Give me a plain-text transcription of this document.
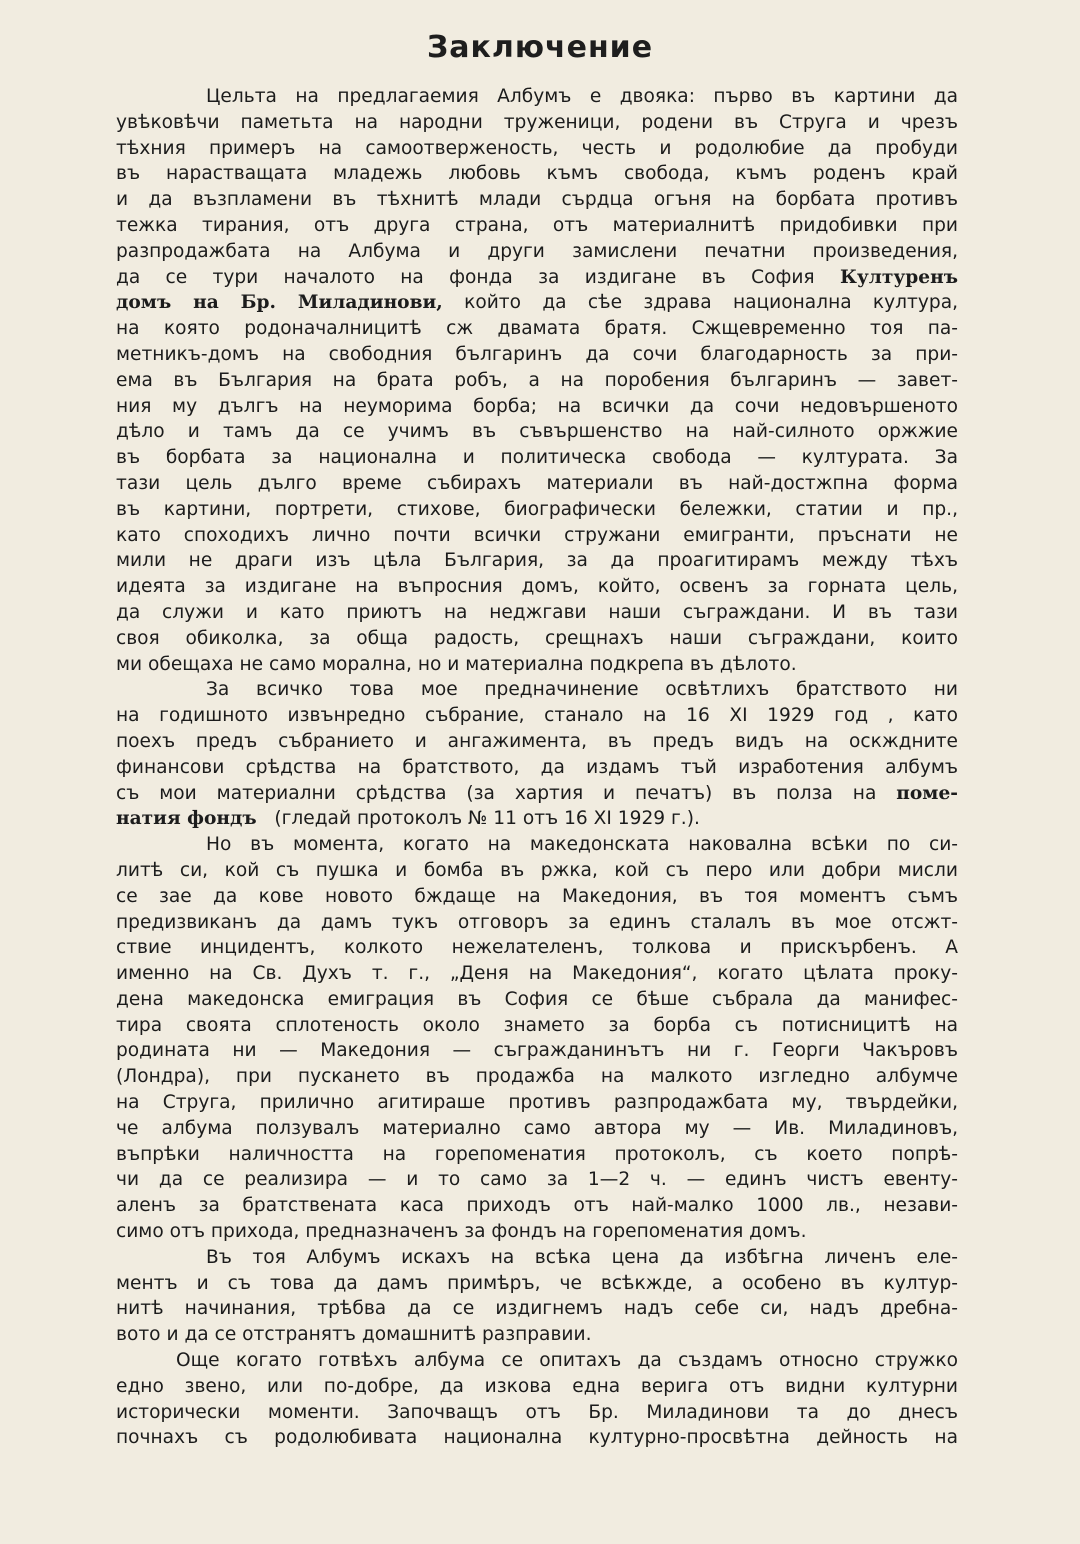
Заключение
Цельта на предлагаемия Албумъ е двояка: първо въ картини да
увѣковѣчи паметьта на народни труженици, родени въ Струга и чрезъ
тѣхния примеръ на самоотверженость, честь и родолюбие да пробуди
въ нарастващата младежь любовь къмъ свобода, къмъ роденъ край
и да възпламени въ тѣхнитѣ млади сърдца огъня на борбата противъ
тежка тирания, отъ друга страна, отъ материалнитѣ придобивки при
разпродажбата на Албума и други замислени печатни произведения,
да се тури началото на фонда за издигане въ София Културенъ
домъ на Бр. Миладинови, който да сѣе здрава национална култура,
на която родоначалницитѣ сж двамата братя. Сжщевременно тоя па-
метникъ-домъ на свободния българинъ да сочи благодарность за при-
ема въ България на брата робъ, а на поробения българинъ — завет-
ния му дългъ на неуморима борба; на всички да сочи недовършеното
дѣло и тамъ да се учимъ въ съвършенство на най-силното оржжие
въ борбата за национална и политическа свобода — културата. За
тази цель дълго време събирахъ материали въ най-достжпна форма
въ картини, портрети, стихове, биографически бележки, статии и пр.,
като споходихъ лично почти всички стружани емигранти, пръснати не
мили не драги изъ цѣла България, за да проагитирамъ между тѣхъ
идеята за издигане на въпросния домъ, който, освенъ за горната цель,
да служи и като приютъ на неджгави наши съграждани. И въ тази
своя обиколка, за обща радость, срещнахъ наши съграждани, които
ми обещаха не само морална, но и материална подкрепа въ дѣлото.
За всичко това мое предначинение освѣтлихъ братството ни
на годишното извънредно събрание, станало на 16 XI 1929 год , като
поехъ предъ събранието и ангажимента, въ предъ видъ на оскждните
финансови срѣдства на братството, да издамъ тъй изработения албумъ
съ мои материални срѣдства (за хартия и печатъ) въ полза на поме-
натия фондъ (гледай протоколъ № 11 отъ 16 XI 1929 г.).
Но въ момента, когато на македонската наковална всѣки по си-
литѣ си, кой съ пушка и бомба въ ржка, кой съ перо или добри мисли
се зае да кове новото бждаще на Македония, въ тоя моментъ съмъ
предизвиканъ да дамъ тукъ отговоръ за единъ сталалъ въ мое отсжт-
ствие инцидентъ, колкото нежелателенъ, толкова и прискърбенъ. А
именно на Св. Духъ т. г., „Деня на Македония“, когато цѣлата проку-
дена македонска емиграция въ София се бѣше събрала да манифес-
тира своята сплотеность около знамето за борба съ потисницитѣ на
родината ни — Македония — съгражданинътъ ни г. Георги Чакъровъ
(Лондра), при пускането въ продажба на малкото изгледно албумче
на Струга, прилично агитираше противъ разпродажбата му, твърдейки,
че албума ползувалъ материално само автора му — Ив. Миладиновъ,
въпрѣки наличността на горепоменатия протоколъ, съ което попрѣ-
чи да се реализира — и то само за 1—2 ч. — единъ чистъ евенту-
аленъ за братствената каса приходъ отъ най-малко 1000 лв., незави-
симо отъ прихода, предназначенъ за фондъ на горепоменатия домъ.
Въ тоя Албумъ искахъ на всѣка цена да избѣгна личенъ еле-
ментъ и съ това да дамъ примѣръ, че всѣкжде, а особено въ култур-
нитѣ начинания, трѣбва да се издигнемъ надъ себе си, надъ дребна-
вото и да се отстранятъ домашнитѣ разправии.
Още когато готвѣхъ албума се опитахъ да създамъ относно стружко
едно звено, или по-добре, да изкова една верига отъ видни културни
исторически моменти. Започващъ отъ Бр. Миладинови та до днесъ
почнахъ съ родолюбивата национална културно-просвѣтна дейность на
